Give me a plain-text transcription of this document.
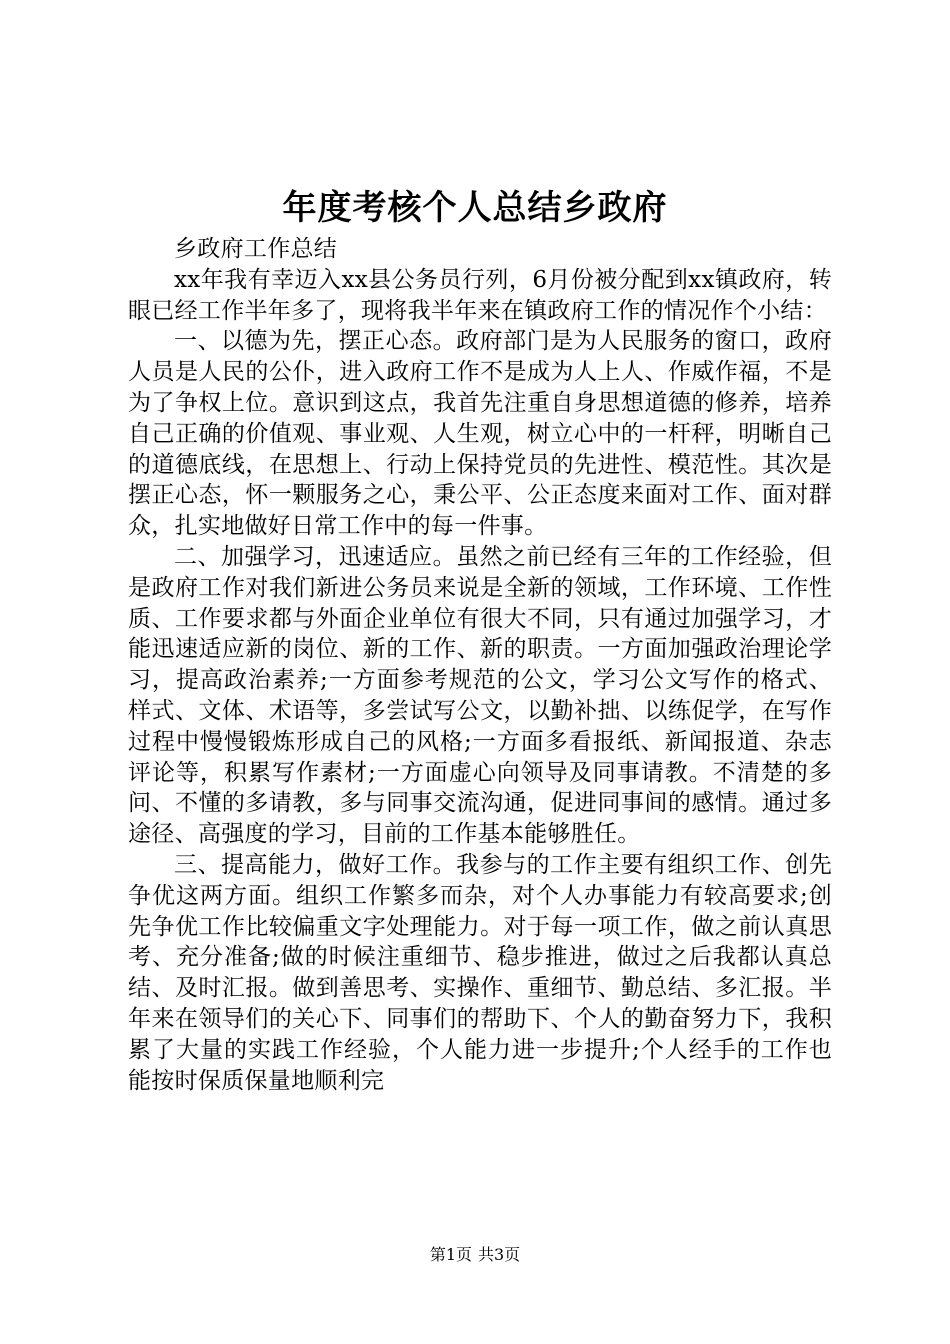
年度考核个人总结乡政府

乡政府工作总结

xx年我有幸迈入xx县公务员行列，6月份被分配到xx镇政府，转眼已经工作半年多了，现将我半年来在镇政府工作的情况作个小结：

一、以德为先，摆正心态。政府部门是为人民服务的窗口，政府人员是人民的公仆，进入政府工作不是成为人上人、作威作福，不是为了争权上位。意识到这点，我首先注重自身思想道德的修养，培养自己正确的价值观、事业观、人生观，树立心中的一杆秤，明晰自己的道德底线，在思想上、行动上保持党员的先进性、模范性。其次是摆正心态，怀一颗服务之心，秉公平、公正态度来面对工作、面对群众，扎实地做好日常工作中的每一件事。

二、加强学习，迅速适应。虽然之前已经有三年的工作经验，但是政府工作对我们新进公务员来说是全新的领域，工作环境、工作性质、工作要求都与外面企业单位有很大不同，只有通过加强学习，才能迅速适应新的岗位、新的工作、新的职责。一方面加强政治理论学习，提高政治素养;一方面参考规范的公文，学习公文写作的格式、样式、文体、术语等，多尝试写公文，以勤补拙、以练促学，在写作过程中慢慢锻炼形成自己的风格;一方面多看报纸、新闻报道、杂志评论等，积累写作素材;一方面虚心向领导及同事请教。不清楚的多问、不懂的多请教，多与同事交流沟通，促进同事间的感情。通过多途径、高强度的学习，目前的工作基本能够胜任。

三、提高能力，做好工作。我参与的工作主要有组织工作、创先争优这两方面。组织工作繁多而杂，对个人办事能力有较高要求;创先争优工作比较偏重文字处理能力。对于每一项工作，做之前认真思考、充分准备;做的时候注重细节、稳步推进，做过之后我都认真总结、及时汇报。做到善思考、实操作、重细节、勤总结、多汇报。半年来在领导们的关心下、同事们的帮助下、个人的勤奋努力下，我积累了大量的实践工作经验，个人能力进一步提升;个人经手的工作也能按时保质保量地顺利完

第1页 共3页
